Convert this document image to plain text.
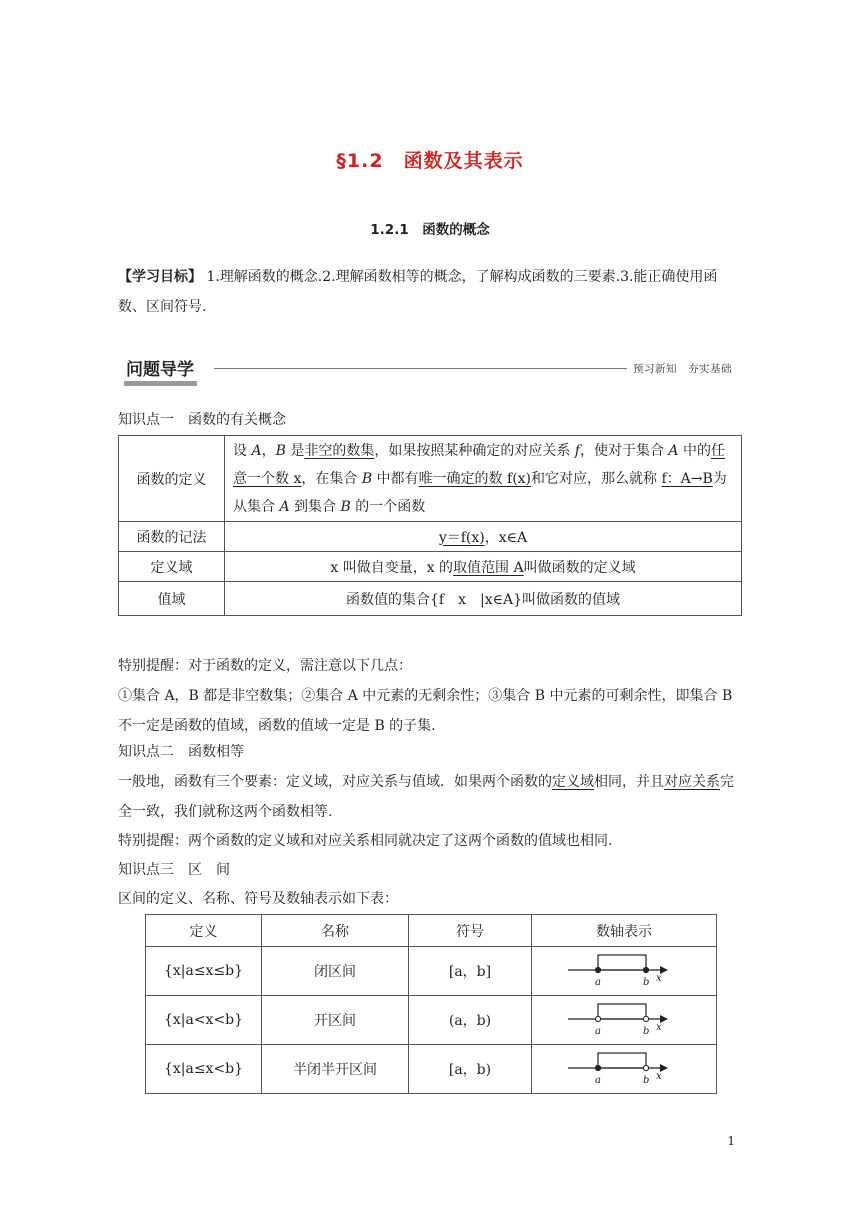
§1.2　函数及其表示
1.2.1　函数的概念
【学习目标】 1.理解函数的概念.2.理解函数相等的概念，了解构成函数的三要素.3.能正确使用函数、区间符号.
问题导学	预习新知　夯实基础
知识点一　函数的有关概念
函数的定义	设 A，B 是非空的数集，如果按照某种确定的对应关系 f，使对于集合 A 中的任意一个数 x，在集合 B 中都有唯一确定的数 f(x)和它对应，那么就称 f：A→B为从集合 A 到集合 B 的一个函数
函数的记法	y＝f(x)，x∈A
定义域	x 叫做自变量，x 的取值范围 A叫做函数的定义域
值域	函数值的集合{f　x　|x∈A}叫做函数的值域
特别提醒：对于函数的定义，需注意以下几点：
①集合 A，B 都是非空数集；②集合 A 中元素的无剩余性；③集合 B 中元素的可剩余性，即集合 B 不一定是函数的值域，函数的值域一定是 B 的子集.
知识点二　函数相等
一般地，函数有三个要素：定义域，对应关系与值域．如果两个函数的定义域相同，并且对应关系完全一致，我们就称这两个函数相等.
特别提醒：两个函数的定义域和对应关系相同就决定了这两个函数的值域也相同.
知识点三　区　间
区间的定义、名称、符号及数轴表示如下表：
定义	名称	符号	数轴表示
{x|a≤x≤b}	闭区间	[a，b]	a b x

{x|a<x<b}	开区间	(a，b)	a b x

{x|a≤x<b}	半闭半开区间	[a，b)	a b x
1
